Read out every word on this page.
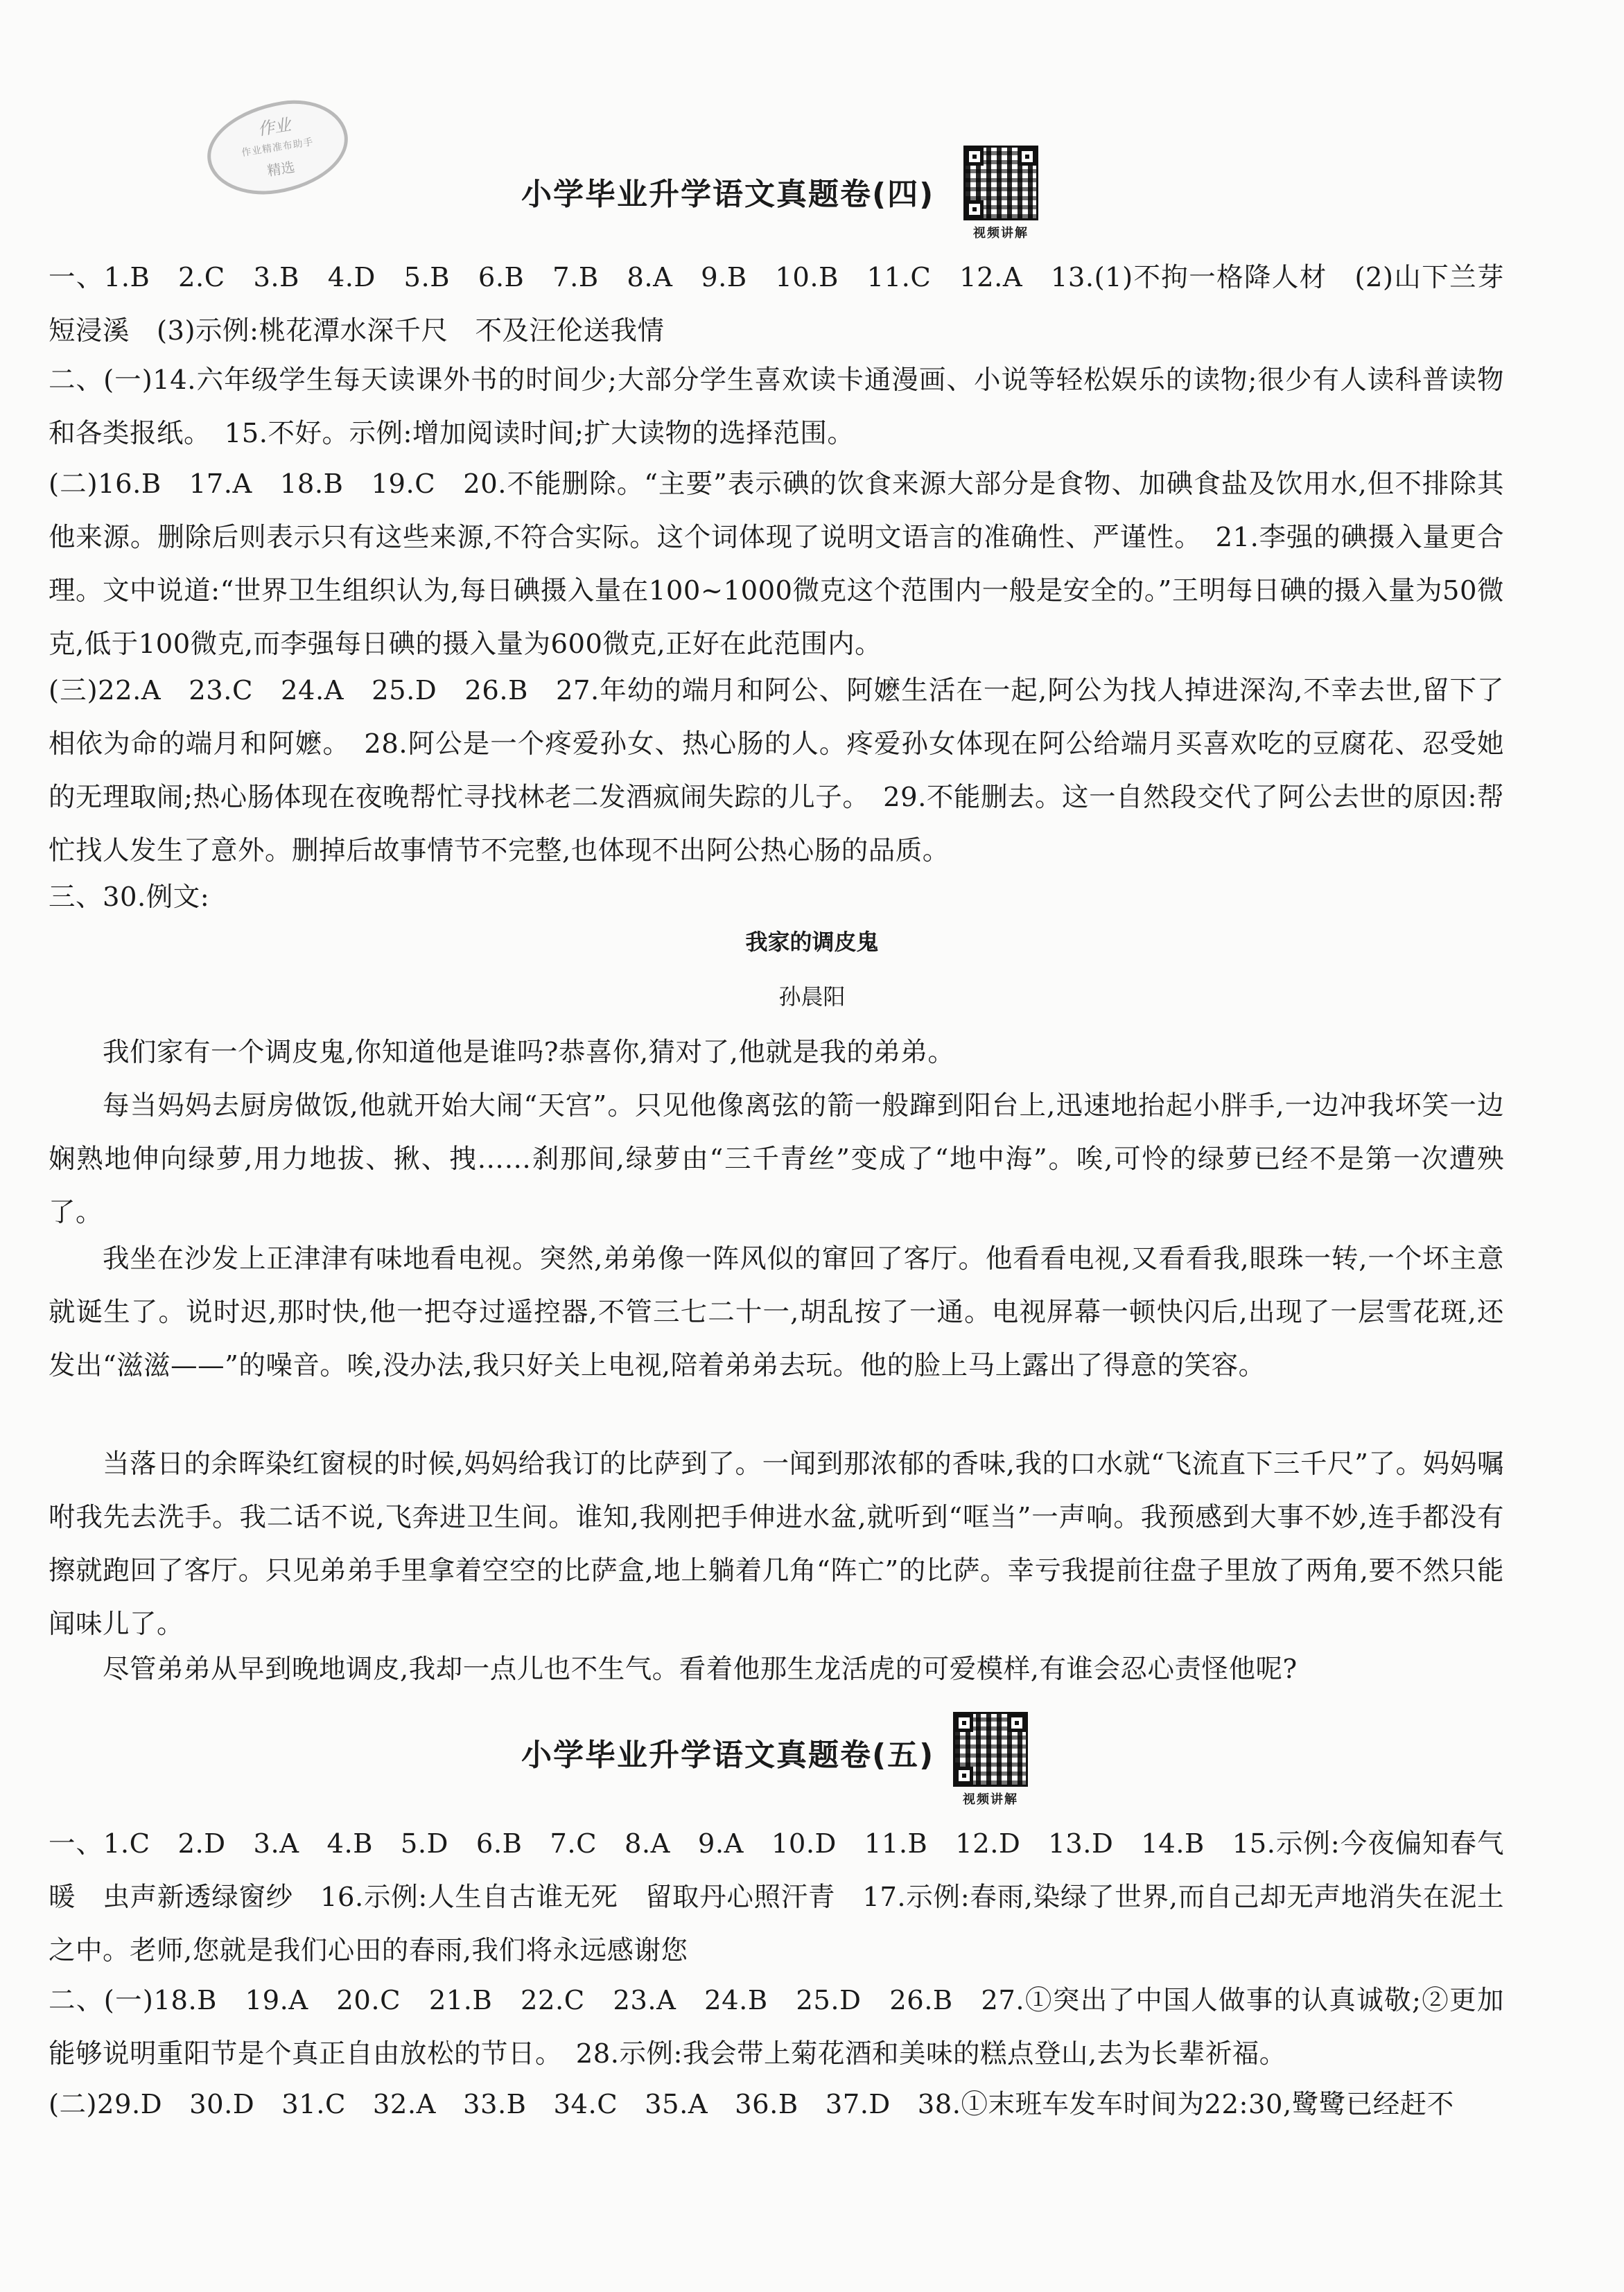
作业
作业精准布助手
精选
小学毕业升学语文真题卷(四)
视频讲解

一、1.B　2.C　3.B　4.D　5.B　6.B　7.B　8.A　9.B　10.B　11.C　12.A　13.(1)不拘一格降人材　(2)山下兰芽短浸溪　(3)示例:桃花潭水深千尺　不及汪伦送我情

二、(一)14.六年级学生每天读课外书的时间少;大部分学生喜欢读卡通漫画、小说等轻松娱乐的读物;很少有人读科普读物和各类报纸。　15.不好。示例:增加阅读时间;扩大读物的选择范围。

(二)16.B　17.A　18.B　19.C　20.不能删除。“主要”表示碘的饮食来源大部分是食物、加碘食盐及饮用水,但不排除其他来源。删除后则表示只有这些来源,不符合实际。这个词体现了说明文语言的准确性、严谨性。　21.李强的碘摄入量更合理。文中说道:“世界卫生组织认为,每日碘摄入量在100~1000微克这个范围内一般是安全的。”王明每日碘的摄入量为50微克,低于100微克,而李强每日碘的摄入量为600微克,正好在此范围内。

(三)22.A　23.C　24.A　25.D　26.B　27.年幼的端月和阿公、阿嬷生活在一起,阿公为找人掉进深沟,不幸去世,留下了相依为命的端月和阿嬷。　28.阿公是一个疼爱孙女、热心肠的人。疼爱孙女体现在阿公给端月买喜欢吃的豆腐花、忍受她的无理取闹;热心肠体现在夜晚帮忙寻找林老二发酒疯闹失踪的儿子。　29.不能删去。这一自然段交代了阿公去世的原因:帮忙找人发生了意外。删掉后故事情节不完整,也体现不出阿公热心肠的品质。

三、30.例文:

我家的调皮鬼
孙晨阳

我们家有一个调皮鬼,你知道他是谁吗?恭喜你,猜对了,他就是我的弟弟。

每当妈妈去厨房做饭,他就开始大闹“天宫”。只见他像离弦的箭一般蹿到阳台上,迅速地抬起小胖手,一边冲我坏笑一边娴熟地伸向绿萝,用力地拔、揪、拽……刹那间,绿萝由“三千青丝”变成了“地中海”。唉,可怜的绿萝已经不是第一次遭殃了。

我坐在沙发上正津津有味地看电视。突然,弟弟像一阵风似的窜回了客厅。他看看电视,又看看我,眼珠一转,一个坏主意就诞生了。说时迟,那时快,他一把夺过遥控器,不管三七二十一,胡乱按了一通。电视屏幕一顿快闪后,出现了一层雪花斑,还发出“滋滋——”的噪音。唉,没办法,我只好关上电视,陪着弟弟去玩。他的脸上马上露出了得意的笑容。

当落日的余晖染红窗棂的时候,妈妈给我订的比萨到了。一闻到那浓郁的香味,我的口水就“飞流直下三千尺”了。妈妈嘱咐我先去洗手。我二话不说,飞奔进卫生间。谁知,我刚把手伸进水盆,就听到“哐当”一声响。我预感到大事不妙,连手都没有擦就跑回了客厅。只见弟弟手里拿着空空的比萨盒,地上躺着几角“阵亡”的比萨。幸亏我提前往盘子里放了两角,要不然只能闻味儿了。

尽管弟弟从早到晚地调皮,我却一点儿也不生气。看着他那生龙活虎的可爱模样,有谁会忍心责怪他呢?

小学毕业升学语文真题卷(五)
视频讲解

一、1.C　2.D　3.A　4.B　5.D　6.B　7.C　8.A　9.A　10.D　11.B　12.D　13.D　14.B　15.示例:今夜偏知春气暖　虫声新透绿窗纱　16.示例:人生自古谁无死　留取丹心照汗青　17.示例:春雨,染绿了世界,而自己却无声地消失在泥土之中。老师,您就是我们心田的春雨,我们将永远感谢您

二、(一)18.B　19.A　20.C　21.B　22.C　23.A　24.B　25.D　26.B　27.①突出了中国人做事的认真诚敬;②更加能够说明重阳节是个真正自由放松的节日。　28.示例:我会带上菊花酒和美味的糕点登山,去为长辈祈福。

(二)29.D　30.D　31.C　32.A　33.B　34.C　35.A　36.B　37.D　38.①末班车发车时间为22:30,鹭鹭已经赶不
